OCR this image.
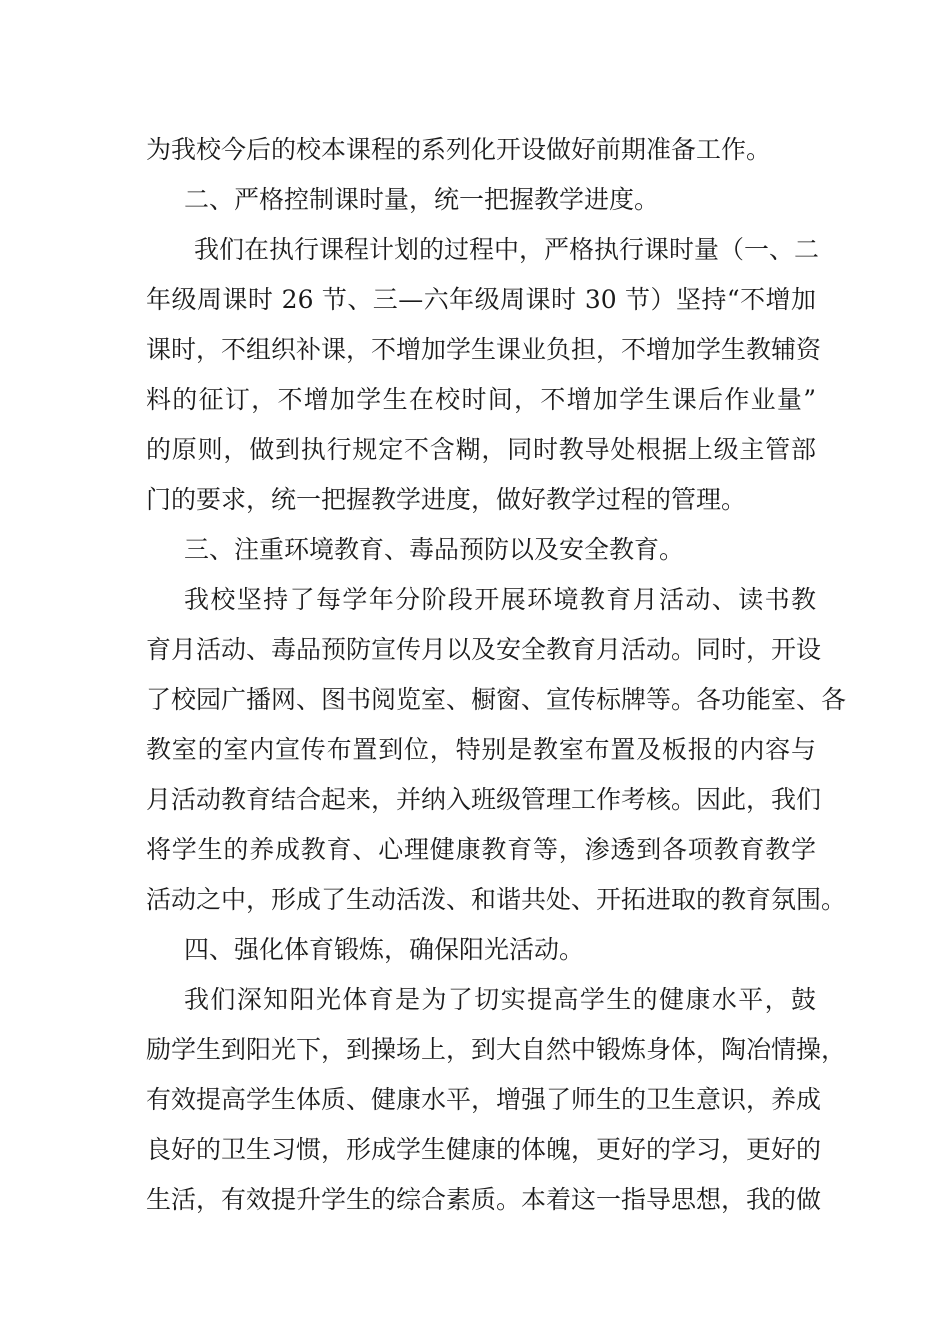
为我校今后的校本课程的系列化开设做好前期准备工作。
二、严格控制课时量，统一把握教学进度。
我们在执行课程计划的过程中，严格执行课时量（一、二
年级周课时 26 节、三—六年级周课时 30 节）坚持“不增加
课时，不组织补课，不增加学生课业负担，不增加学生教辅资
料的征订，不增加学生在校时间，不增加学生课后作业量”
的原则，做到执行规定不含糊，同时教导处根据上级主管部
门的要求，统一把握教学进度，做好教学过程的管理。
三、注重环境教育、毒品预防以及安全教育。
我校坚持了每学年分阶段开展环境教育月活动、读书教
育月活动、毒品预防宣传月以及安全教育月活动。同时，开设
了校园广播网、图书阅览室、橱窗、宣传标牌等。各功能室、各
教室的室内宣传布置到位，特别是教室布置及板报的内容与
月活动教育结合起来，并纳入班级管理工作考核。因此，我们
将学生的养成教育、心理健康教育等，渗透到各项教育教学
活动之中，形成了生动活泼、和谐共处、开拓进取的教育氛围。
四、强化体育锻炼，确保阳光活动。
我们深知阳光体育是为了切实提高学生的健康水平，鼓
励学生到阳光下，到操场上，到大自然中锻炼身体，陶冶情操，
有效提高学生体质、健康水平，增强了师生的卫生意识，养成
良好的卫生习惯，形成学生健康的体魄，更好的学习，更好的
生活，有效提升学生的综合素质。本着这一指导思想，我的做
